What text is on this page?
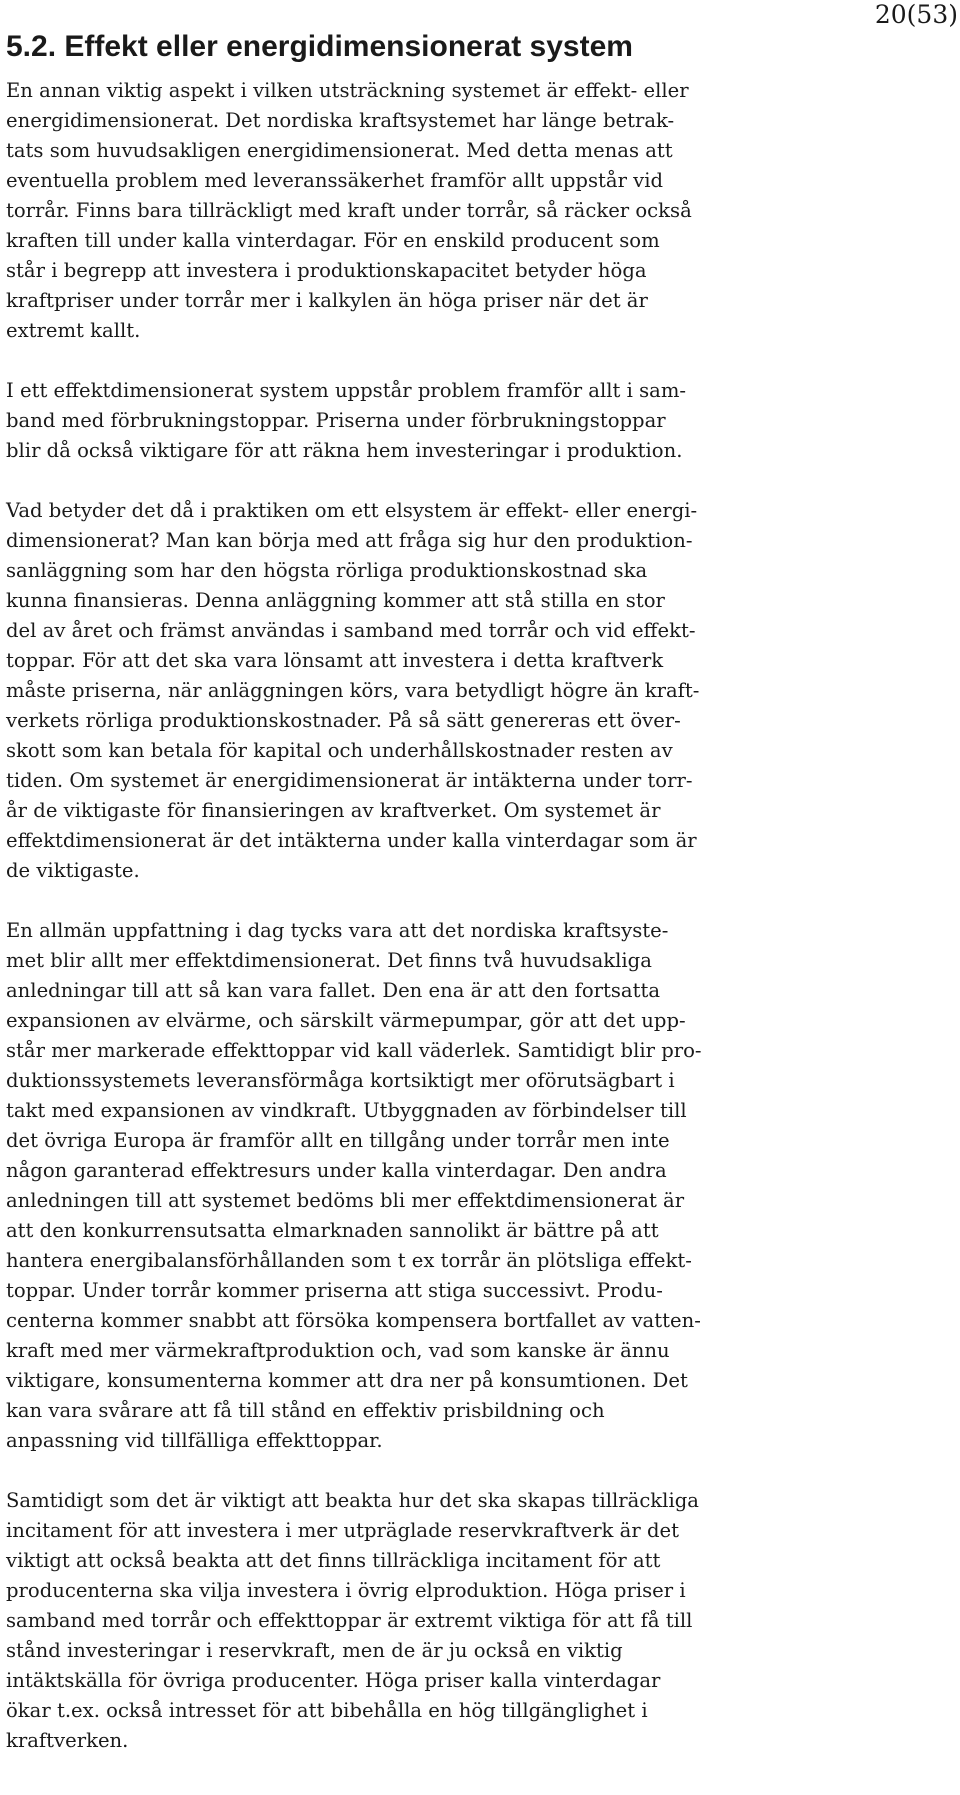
20(53)
5.2. Effekt eller energidimensionerat system

En annan viktig aspekt i vilken utsträckning systemet är effekt- eller
energidimensionerat. Det nordiska kraftsystemet har länge betrak-
tats som huvudsakligen energidimensionerat. Med detta menas att
eventuella problem med leveranssäkerhet framför allt uppstår vid
torrår. Finns bara tillräckligt med kraft under torrår, så räcker också
kraften till under kalla vinterdagar. För en enskild producent som
står i begrepp att investera i produktionskapacitet betyder höga
kraftpriser under torrår mer i kalkylen än höga priser när det är
extremt kallt.

I ett effektdimensionerat system uppstår problem framför allt i sam-
band med förbrukningstoppar. Priserna under förbrukningstoppar
blir då också viktigare för att räkna hem investeringar i produktion.

Vad betyder det då i praktiken om ett elsystem är effekt- eller energi-
dimensionerat? Man kan börja med att fråga sig hur den produktion-
sanläggning som har den högsta rörliga produktionskostnad ska
kunna finansieras. Denna anläggning kommer att stå stilla en stor
del av året och främst användas i samband med torrår och vid effekt-
toppar. För att det ska vara lönsamt att investera i detta kraftverk
måste priserna, när anläggningen körs, vara betydligt högre än kraft-
verkets rörliga produktionskostnader. På så sätt genereras ett över-
skott som kan betala för kapital och underhållskostnader resten av
tiden. Om systemet är energidimensionerat är intäkterna under torr-
år de viktigaste för finansieringen av kraftverket. Om systemet är
effektdimensionerat är det intäkterna under kalla vinterdagar som är
de viktigaste.

En allmän uppfattning i dag tycks vara att det nordiska kraftsyste-
met blir allt mer effektdimensionerat. Det finns två huvudsakliga
anledningar till att så kan vara fallet. Den ena är att den fortsatta
expansionen av elvärme, och särskilt värmepumpar, gör att det upp-
står mer markerade effekttoppar vid kall väderlek. Samtidigt blir pro-
duktionssystemets leveransförmåga kortsiktigt mer oförutsägbart i
takt med expansionen av vindkraft. Utbyggnaden av förbindelser till
det övriga Europa är framför allt en tillgång under torrår men inte
någon garanterad effektresurs under kalla vinterdagar. Den andra
anledningen till att systemet bedöms bli mer effektdimensionerat är
att den konkurrensutsatta elmarknaden sannolikt är bättre på att
hantera energibalansförhållanden som t ex torrår än plötsliga effekt-
toppar. Under torrår kommer priserna att stiga successivt. Produ-
centerna kommer snabbt att försöka kompensera bortfallet av vatten-
kraft med mer värmekraftproduktion och, vad som kanske är ännu
viktigare, konsumenterna kommer att dra ner på konsumtionen. Det
kan vara svårare att få till stånd en effektiv prisbildning och
anpassning vid tillfälliga effekttoppar.

Samtidigt som det är viktigt att beakta hur det ska skapas tillräckliga
incitament för att investera i mer utpräglade reservkraftverk är det
viktigt att också beakta att det finns tillräckliga incitament för att
producenterna ska vilja investera i övrig elproduktion. Höga priser i
samband med torrår och effekttoppar är extremt viktiga för att få till
stånd investeringar i reservkraft, men de är ju också en viktig
intäktskälla för övriga producenter. Höga priser kalla vinterdagar
ökar t.ex. också intresset för att bibehålla en hög tillgänglighet i
kraftverken.
